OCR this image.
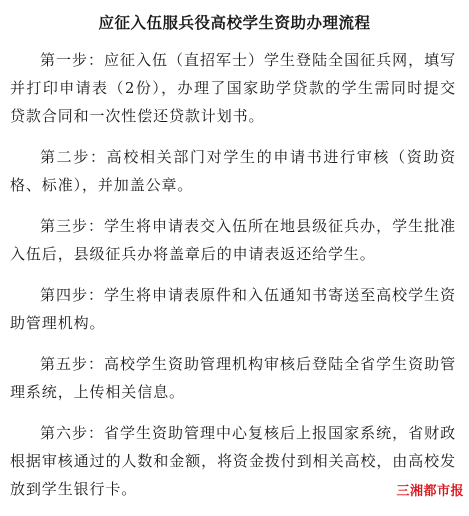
应征入伍服兵役高校学生资助办理流程

第一步：应征入伍（直招军士）学生登陆全国征兵网，填写并打印申请表（2份），办理了国家助学贷款的学生需同时提交贷款合同和一次性偿还贷款计划书。

第二步：高校相关部门对学生的申请书进行审核（资助资格、标准），并加盖公章。

第三步：学生将申请表交入伍所在地县级征兵办，学生批准入伍后，县级征兵办将盖章后的申请表返还给学生。

第四步：学生将申请表原件和入伍通知书寄送至高校学生资助管理机构。

第五步：高校学生资助管理机构审核后登陆全省学生资助管理系统，上传相关信息。

第六步：省学生资助管理中心复核后上报国家系统，省财政根据审核通过的人数和金额，将资金拨付到相关高校，由高校发放到学生银行卡。	三湘都市报
